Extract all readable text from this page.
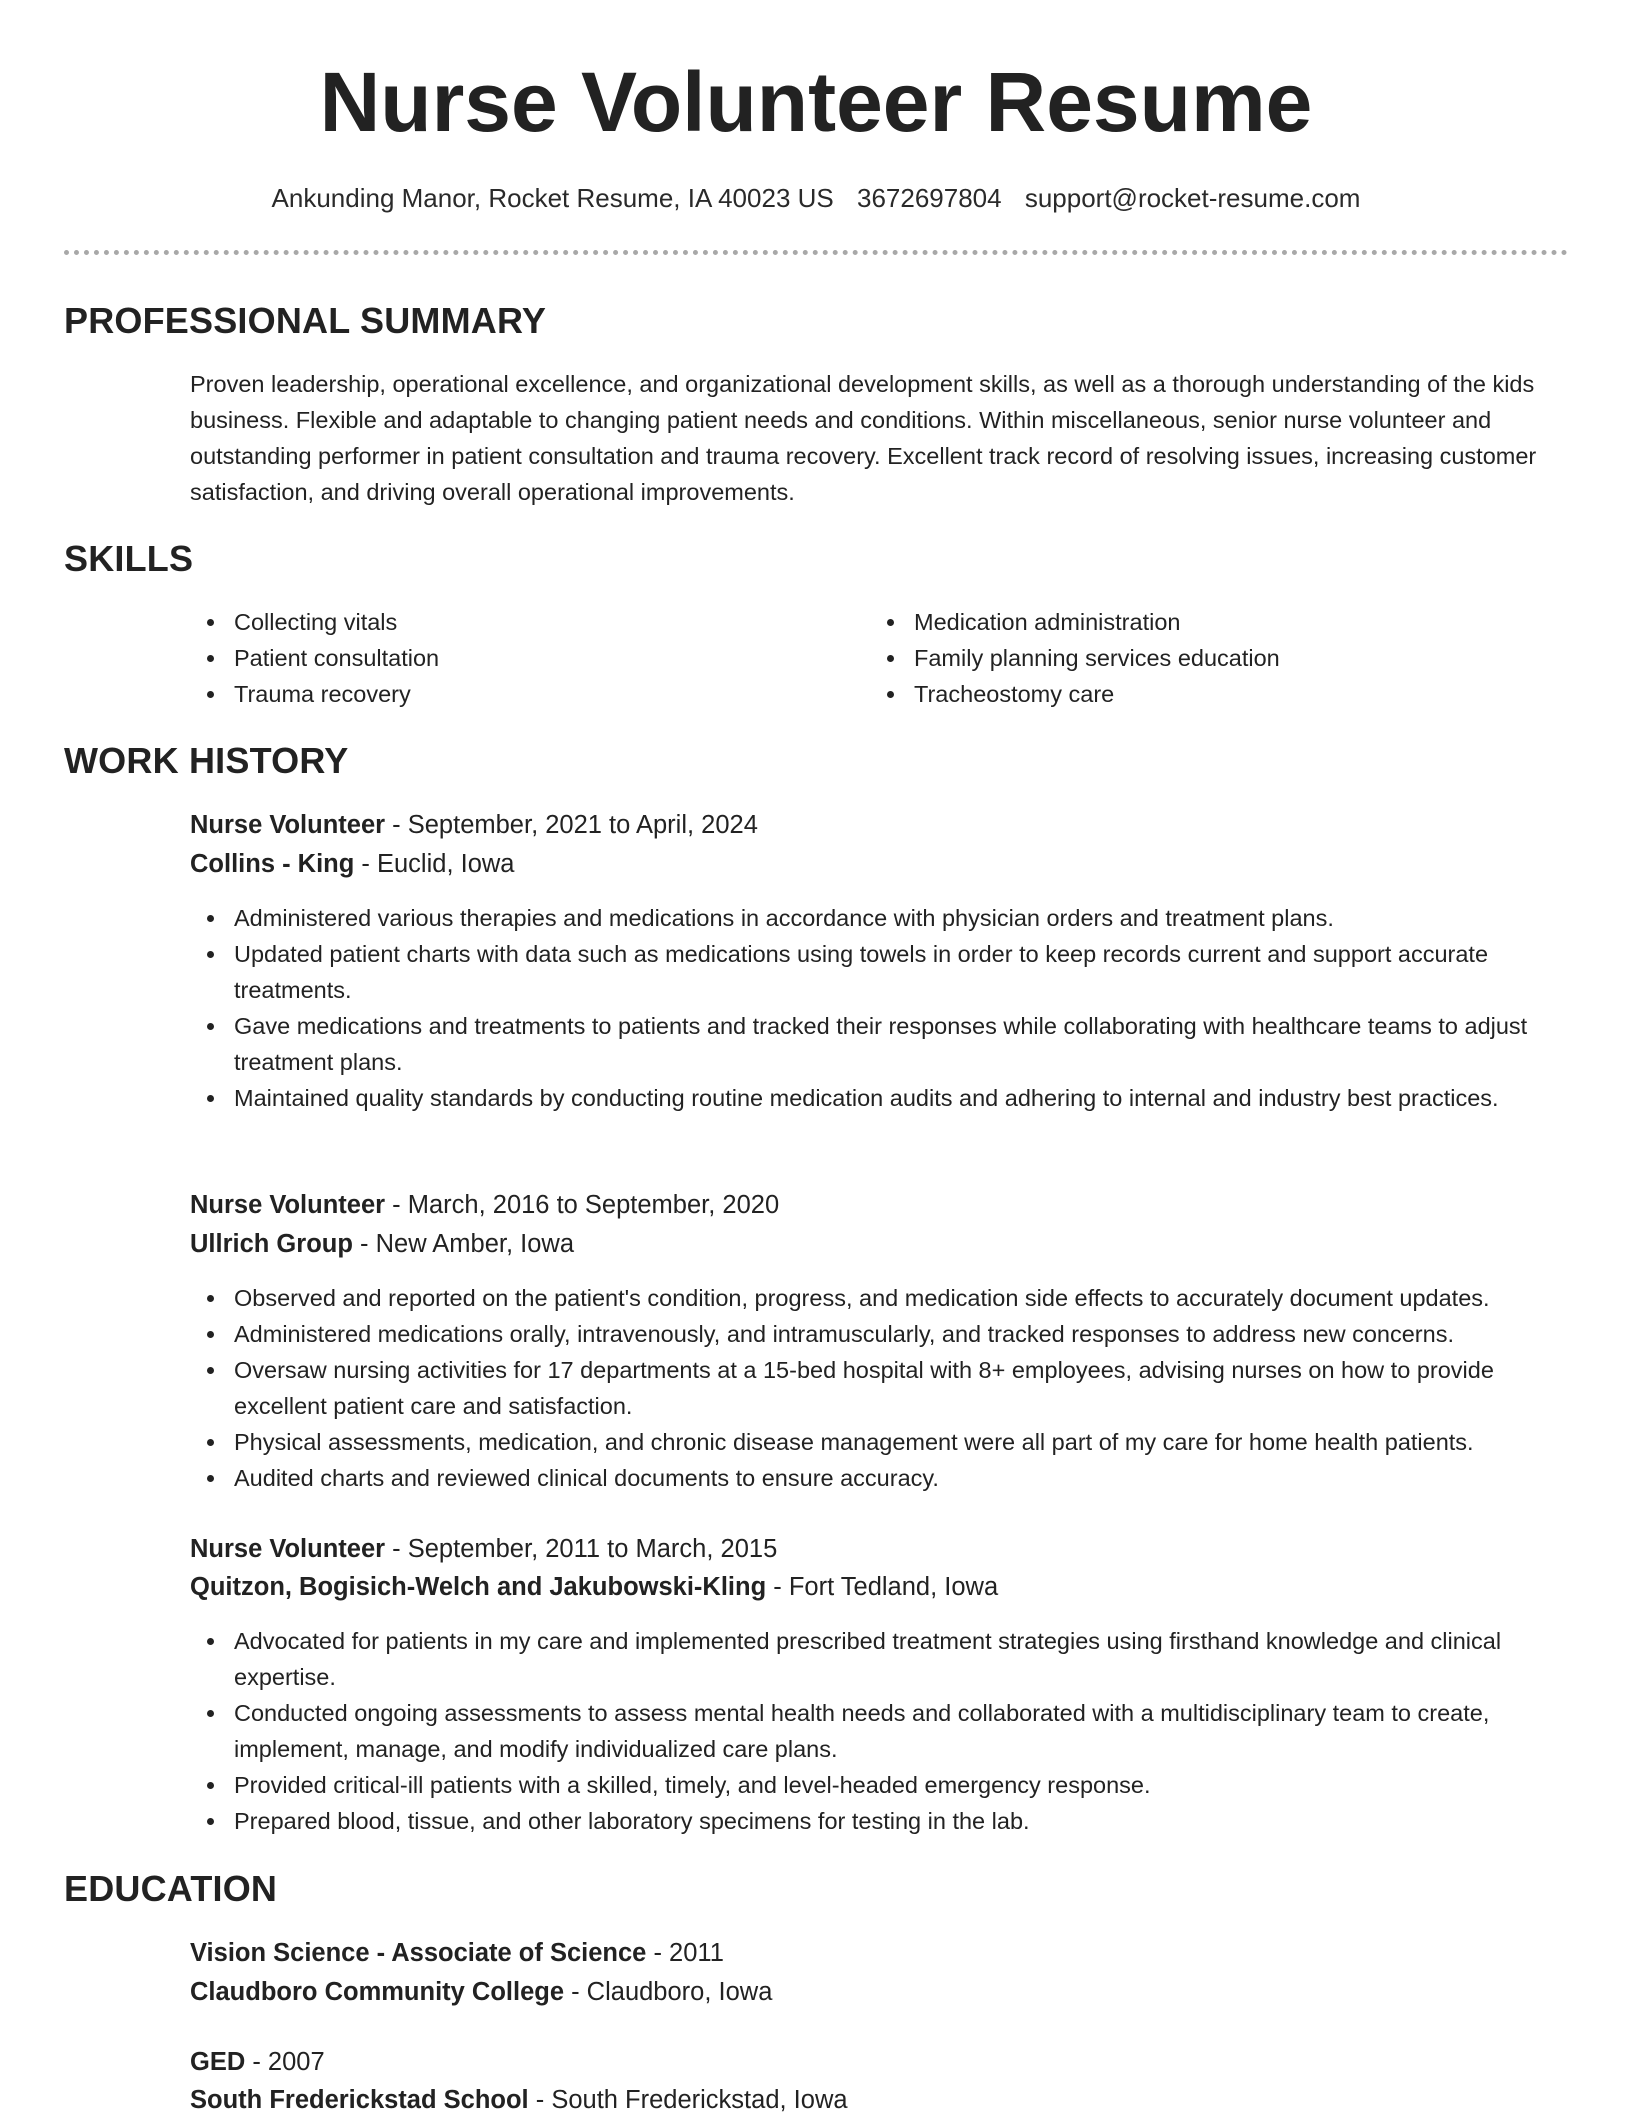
Nurse Volunteer Resume
Ankunding Manor, Rocket Resume, IA 40023 US 3672697804 support@rocket-resume.com
PROFESSIONAL SUMMARY

Proven leadership, operational excellence, and organizational development skills, as well as a thorough understanding of the kids business. Flexible and adaptable to changing patient needs and conditions. Within miscellaneous, senior nurse volunteer and outstanding performer in patient consultation and trauma recovery. Excellent track record of resolving issues, increasing customer satisfaction, and driving overall operational improvements.

SKILLS
Collecting vitals
Patient consultation
Trauma recovery
Medication administration
Family planning services education
Tracheostomy care
WORK HISTORY
Nurse Volunteer - September, 2021 to April, 2024
Collins - King - Euclid, Iowa
Administered various therapies and medications in accordance with physician orders and treatment plans.
Updated patient charts with data such as medications using towels in order to keep records current and support accurate treatments.
Gave medications and treatments to patients and tracked their responses while collaborating with healthcare teams to adjust treatment plans.
Maintained quality standards by conducting routine medication audits and adhering to internal and industry best practices.
Nurse Volunteer - March, 2016 to September, 2020
Ullrich Group - New Amber, Iowa
Observed and reported on the patient's condition, progress, and medication side effects to accurately document updates.
Administered medications orally, intravenously, and intramuscularly, and tracked responses to address new concerns.
Oversaw nursing activities for 17 departments at a 15-bed hospital with 8+ employees, advising nurses on how to provide excellent patient care and satisfaction.
Physical assessments, medication, and chronic disease management were all part of my care for home health patients.
Audited charts and reviewed clinical documents to ensure accuracy.
Nurse Volunteer - September, 2011 to March, 2015
Quitzon, Bogisich-Welch and Jakubowski-Kling - Fort Tedland, Iowa
Advocated for patients in my care and implemented prescribed treatment strategies using firsthand knowledge and clinical expertise.
Conducted ongoing assessments to assess mental health needs and collaborated with a multidisciplinary team to create, implement, manage, and modify individualized care plans.
Provided critical-ill patients with a skilled, timely, and level-headed emergency response.
Prepared blood, tissue, and other laboratory specimens for testing in the lab.
EDUCATION
Vision Science - Associate of Science - 2011
Claudboro Community College - Claudboro, Iowa
GED - 2007
South Frederickstad School - South Frederickstad, Iowa
